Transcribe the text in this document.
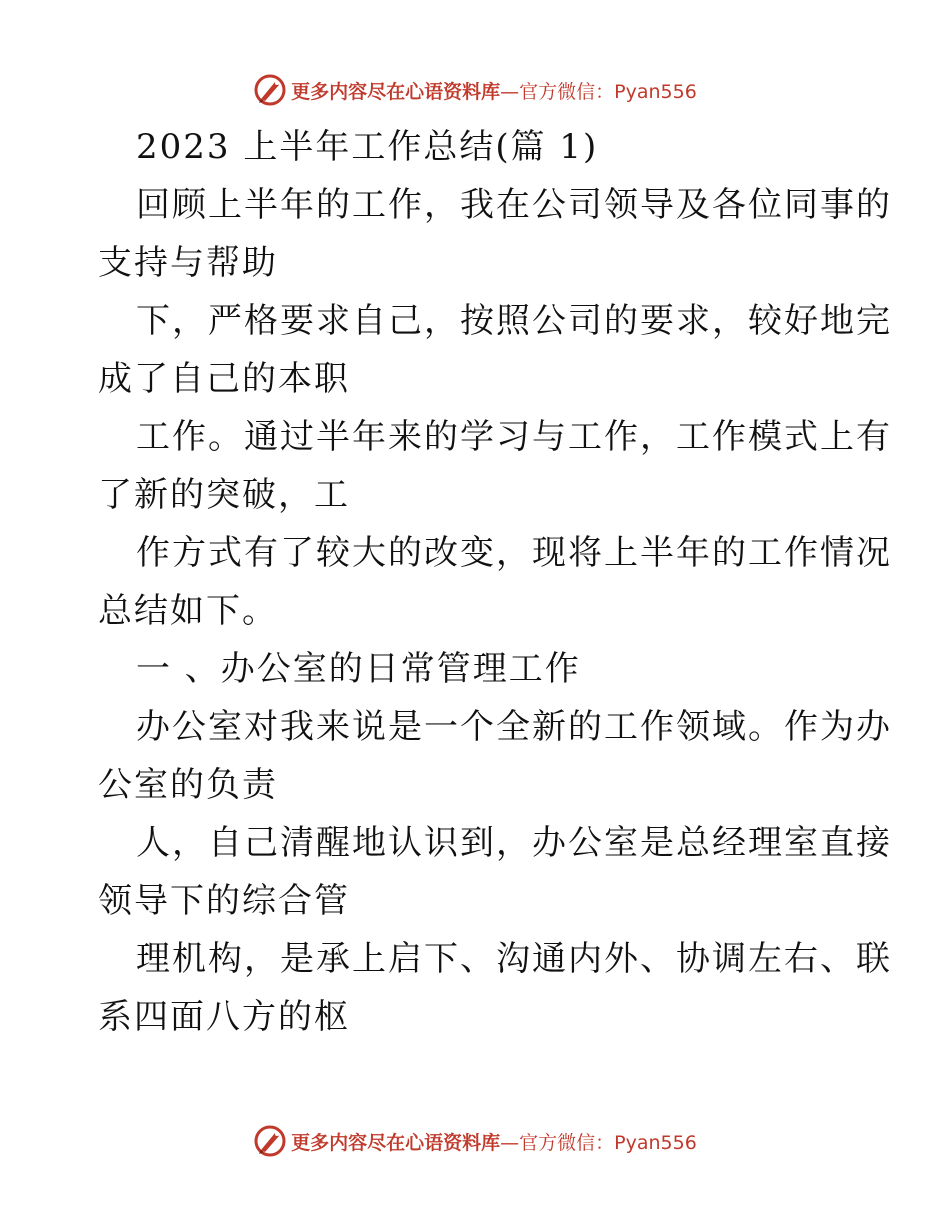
更多内容尽在心语资料库 —官方微信：Pyan556
2023 上半年工作总结(篇 1)
回顾上半年的工作，我在公司领导及各位同事的
支持与帮助
下，严格要求自己，按照公司的要求，较好地完
成了自己的本职
工作。通过半年来的学习与工作，工作模式上有
了新的突破，工
作方式有了较大的改变，现将上半年的工作情况
总结如下。
一 、办公室的日常管理工作
办公室对我来说是一个全新的工作领域。作为办
公室的负责
人，自己清醒地认识到，办公室是总经理室直接
领导下的综合管
理机构，是承上启下、沟通内外、协调左右、联
系四面八方的枢
更多内容尽在心语资料库 —官方微信：Pyan556
